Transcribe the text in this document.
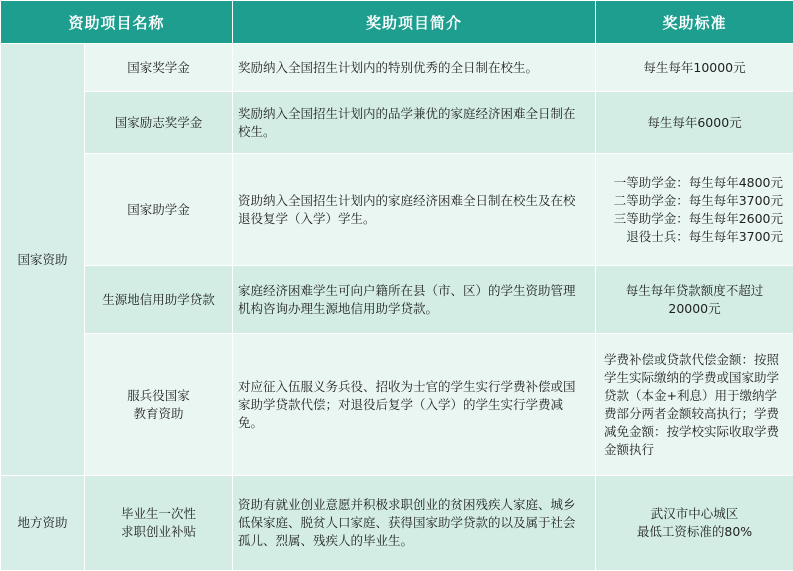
资助项目名称		奖助项目简介	奖助标准
国家资助	国家奖学金	奖励纳入全国招生计划内的特别优秀的全日制在校生。	每生每年10000元

	国家励志奖学金	奖励纳入全国招生计划内的品学兼优的家庭经济困难全日制在校生。	每生每年6000元

	国家助学金	资助纳入全国招生计划内的家庭经济困难全日制在校生及在校退役复学（入学）学生。	一等助学金：每生每年4800元
二等助学金：每生每年3700元
三等助学金：每生每年2600元
退役士兵：每生每年3700元

	生源地信用助学贷款	家庭经济困难学生可向户籍所在县（市、区）的学生资助管理机构咨询办理生源地信用助学贷款。	每生每年贷款额度不超过
20000元

	服兵役国家
教育资助	对应征入伍服义务兵役、招收为士官的学生实行学费补偿或国家助学贷款代偿；对退役后复学（入学）的学生实行学费减免。	学费补偿或贷款代偿金额：按照学生实际缴纳的学费或国家助学贷款（本金+利息）用于缴纳学费部分两者金额较高执行；学费减免金额：按学校实际收取学费金额执行
地方资助	毕业生一次性
求职创业补贴	资助有就业创业意愿并积极求职创业的贫困残疾人家庭、城乡低保家庭、脱贫人口家庭、获得国家助学贷款的以及属于社会孤儿、烈属、残疾人的毕业生。	武汉市中心城区
最低工资标准的80%
